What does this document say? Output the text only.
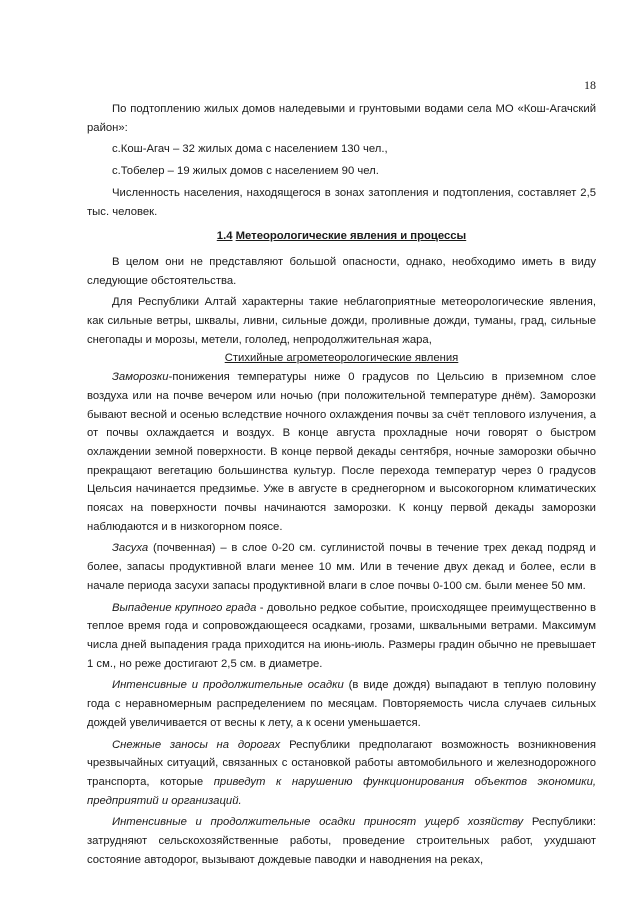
18

По подтоплению жилых домов наледевыми и грунтовыми водами села МО «Кош-Агачский район»:

с.Кош-Агач – 32 жилых дома с населением 130 чел.,

с.Тобелер – 19 жилых домов с населением 90 чел.

Численность населения, находящегося в зонах затопления и подтопления, составляет 2,5 тыс. человек.

1.4 Метеорологические явления и процессы

В целом они не представляют большой опасности, однако, необходимо иметь в виду следующие обстоятельства.

Для Республики Алтай характерны такие неблагоприятные метеорологические явления, как сильные ветры, шквалы, ливни, сильные дожди, проливные дожди, туманы, град, сильные снегопады и морозы, метели, гололед, непродолжительная жара,

Стихийные агрометеорологические явления

Заморозки-понижения температуры ниже 0 градусов по Цельсию в приземном слое воздуха или на почве вечером или ночью (при положительной температуре днём). Заморозки бывают весной и осенью вследствие ночного охлаждения почвы за счёт теплового излучения, а от почвы охлаждается и воздух. В конце августа прохладные ночи говорят о быстром охлаждении земной поверхности. В конце первой декады сентября, ночные заморозки обычно прекращают вегетацию большинства культур. После перехода температур через 0 градусов Цельсия начинается предзимье. Уже в августе в среднегорном и высокогорном климатических поясах на поверхности почвы начинаются заморозки. К концу первой декады заморозки наблюдаются и в низкогорном поясе.

Засуха (почвенная) – в слое 0-20 см. суглинистой почвы в течение трех декад подряд и более, запасы продуктивной влаги менее 10 мм. Или в течение двух декад и более, если в начале периода засухи запасы продуктивной влаги в слое почвы 0-100 см. были менее 50 мм.

Выпадение крупного града - довольно редкое событие, происходящее преимущественно в теплое время года и сопровождающееся осадками, грозами, шквальными ветрами. Максимум числа дней выпадения града приходится на июнь-июль. Размеры градин обычно не превышает 1 см., но реже достигают 2,5 см. в диаметре.

Интенсивные и продолжительные осадки (в виде дождя) выпадают в теплую половину года с неравномерным распределением по месяцам. Повторяемость числа случаев сильных дождей увеличивается от весны к лету, а к осени уменьшается.

Снежные заносы на дорогах Республики предполагают возможность возникновения чрезвычайных ситуаций, связанных с остановкой работы автомобильного и железнодорожного транспорта, которые приведут к нарушению функционирования объектов экономики, предприятий и организаций.

Интенсивные и продолжительные осадки приносят ущерб хозяйству Республики: затрудняют сельскохозяйственные работы, проведение строительных работ, ухудшают состояние автодорог, вызывают дождевые паводки и наводнения на реках,
